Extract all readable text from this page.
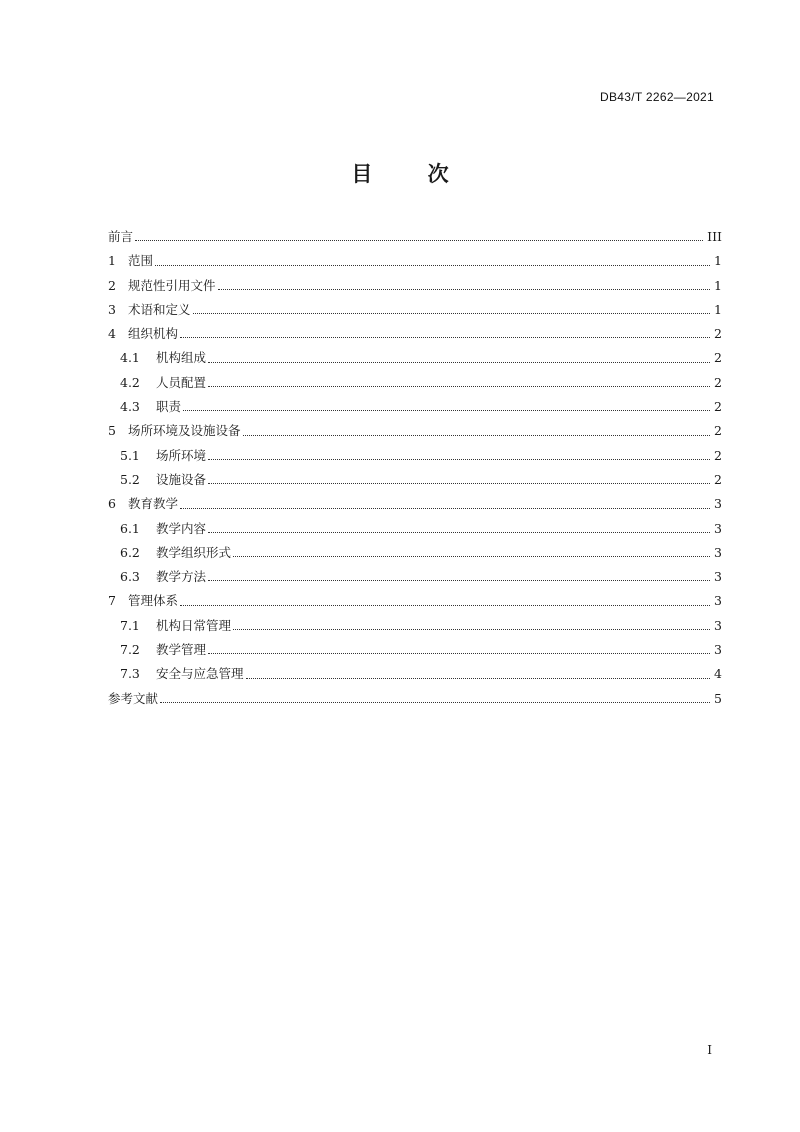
DB43/T 2262—2021
目	次
前言	III
1 范围	1
2 规范性引用文件	1
3 术语和定义	1
4 组织机构	2
4.1	机构组成	2
4.2	人员配置	2
4.3	职责	2
5 场所环境及设施设备	2
5.1	场所环境	2
5.2	设施设备	2
6 教育教学	3
6.1	教学内容	3
6.2	教学组织形式	3
6.3	教学方法	3
7 管理体系	3
7.1	机构日常管理	3
7.2	教学管理	3
7.3	安全与应急管理	4
参考文献	5
I
